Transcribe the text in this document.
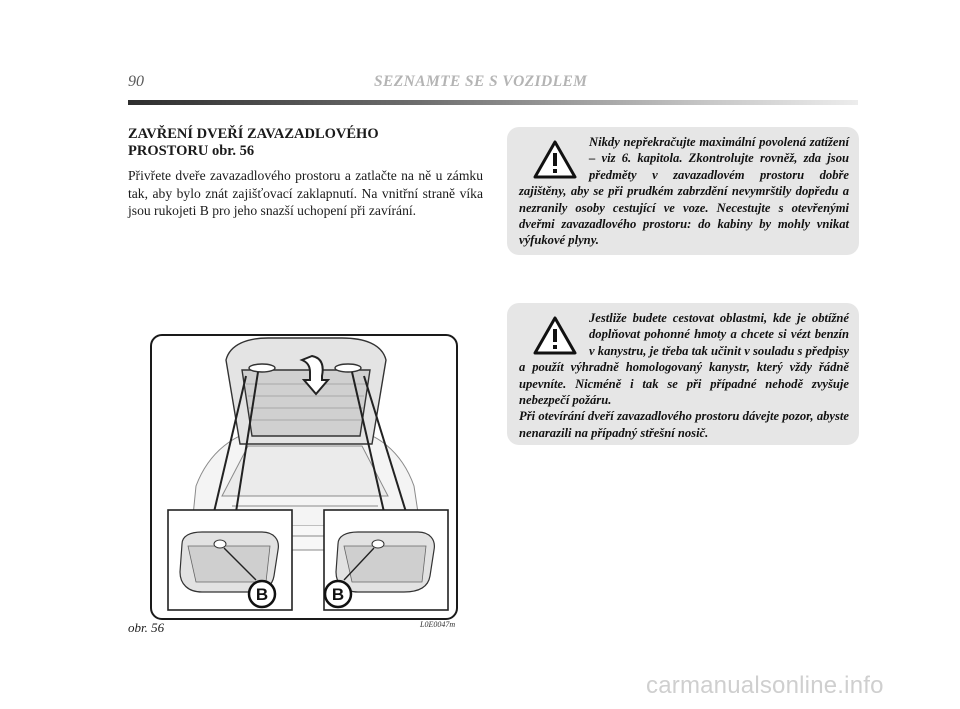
90	SEZNAMTE SE S VOZIDLEM
ZAVŘENÍ DVEŘÍ ZAVAZADLOVÉHO PROSTORU obr. 56
Přivřete dveře zavazadlového prostoru a zatlačte na ně u zámku tak, aby bylo znát zajišťovací zaklapnutí. Na vnitřní straně víka jsou rukojeti B pro jeho snazší uchopení při zavírání.

Nikdy nepřekračujte maximální povolená zatížení – viz 6. kapitola. Zkontrolujte rovněž, zda jsou předměty v zavazadlovém prostoru dobře zajištěny, aby se při prudkém zabrzdění nevymrštily dopředu a nezranily osoby cestující ve voze. Necestujte s otevřenými dveřmi zavazadlového prostoru: do kabiny by mohly vnikat výfukové plyny.

Jestliže budete cestovat oblastmi, kde je obtížné doplňovat pohonné hmoty a chcete si vézt benzín v kanystru, je třeba tak učinit v souladu s předpisy a použít výhradně homologovaný kanystr, který vždy řádně upevníte. Nicméně i tak se při případné nehodě zvyšuje nebezpečí požáru.

Při otevírání dveří zavazadlového prostoru dávejte pozor, abyste nenarazili na případný střešní nosič.

B	B
obr. 56	L0E0047m
carmanualsonline.info
